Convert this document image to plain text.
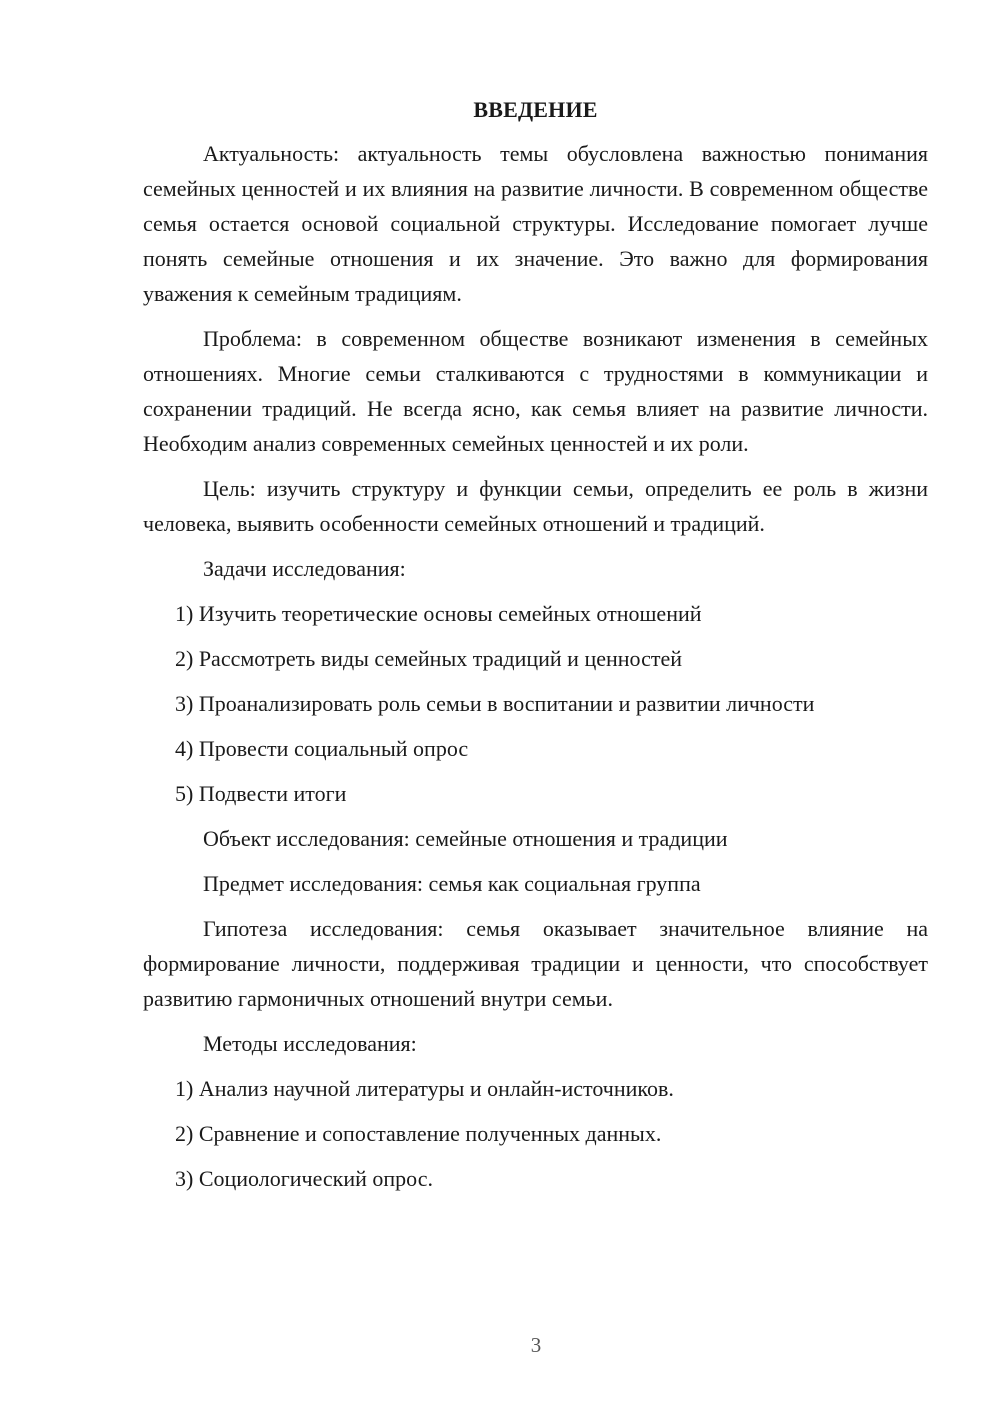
ВВЕДЕНИЕ

Актуальность: актуальность темы обусловлена важностью понимания семейных ценностей и их влияния на развитие личности. В современном обществе семья остается основой социальной структуры. Исследование помогает лучше понять семейные отношения и их значение. Это важно для формирования уважения к семейным традициям.

Проблема: в современном обществе возникают изменения в семейных отношениях. Многие семьи сталкиваются с трудностями в коммуникации и сохранении традиций. Не всегда ясно, как семья влияет на развитие личности. Необходим анализ современных семейных ценностей и их роли.

Цель: изучить структуру и функции семьи, определить ее роль в жизни человека, выявить особенности семейных отношений и традиций.

Задачи исследования:

1) Изучить теоретические основы семейных отношений

2) Рассмотреть виды семейных традиций и ценностей

3) Проанализировать роль семьи в воспитании и развитии личности

4) Провести социальный опрос

5) Подвести итоги

Объект исследования: семейные отношения и традиции

Предмет исследования: семья как социальная группа

Гипотеза исследования: семья оказывает значительное влияние на формирование личности, поддерживая традиции и ценности, что способствует развитию гармоничных отношений внутри семьи.

Методы исследования:

1) Анализ научной литературы и онлайн-источников.

2) Сравнение и сопоставление полученных данных.

3) Социологический опрос.

3
